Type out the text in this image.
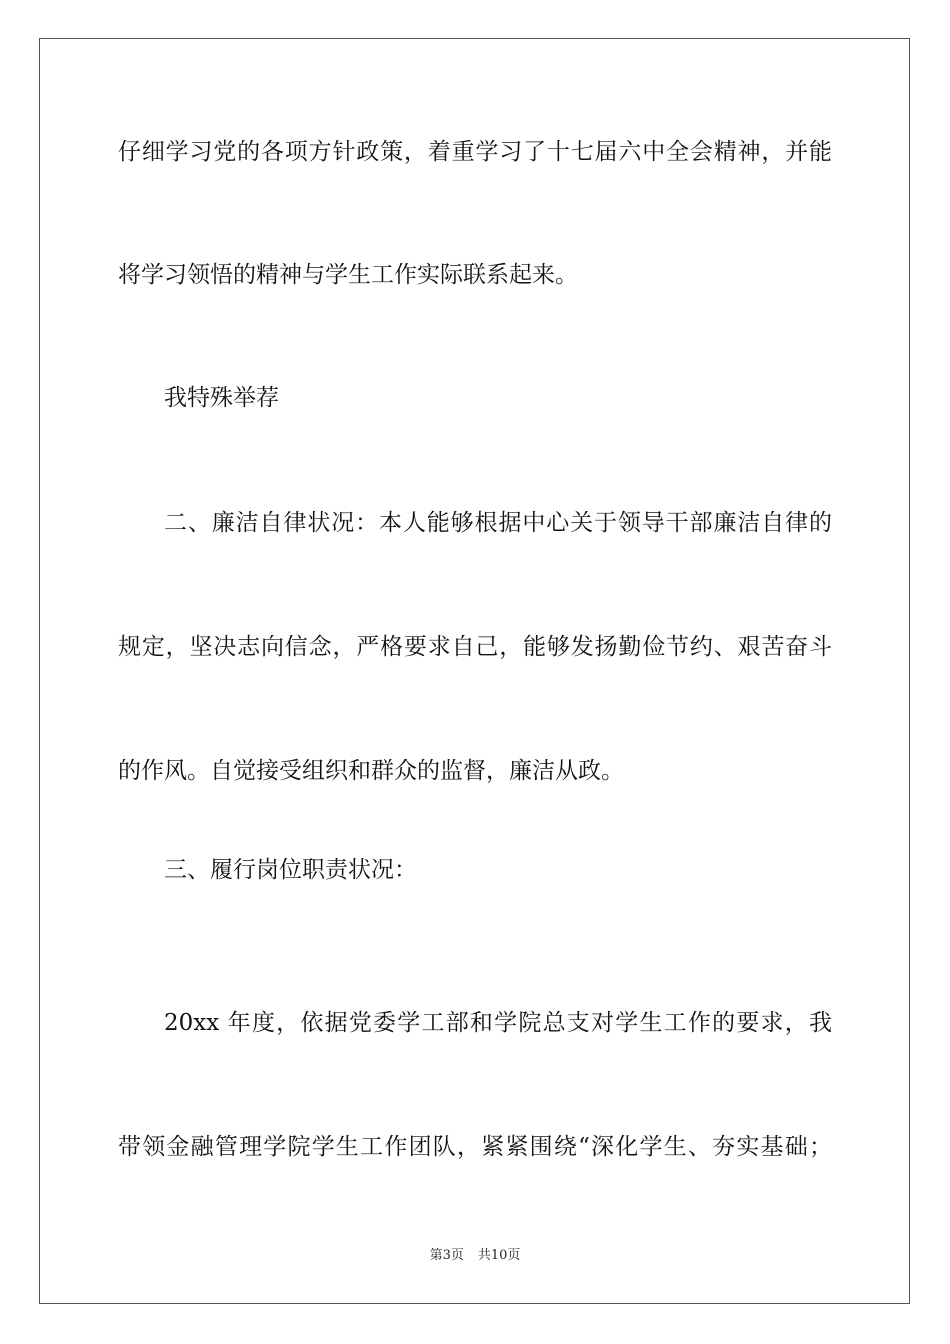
仔细学习党的各项方针政策，着重学习了十七届六中全会精神，并能

将学习领悟的精神与学生工作实际联系起来。

我特殊举荐

二、廉洁自律状况：本人能够根据中心关于领导干部廉洁自律的

规定，坚决志向信念，严格要求自己，能够发扬勤俭节约、艰苦奋斗

的作风。自觉接受组织和群众的监督，廉洁从政。

三、履行岗位职责状况：

20xx 年度，依据党委学工部和学院总支对学生工作的要求，我

带领金融管理学院学生工作团队，紧紧围绕“深化学生、夯实基础；

第3页 共10页
